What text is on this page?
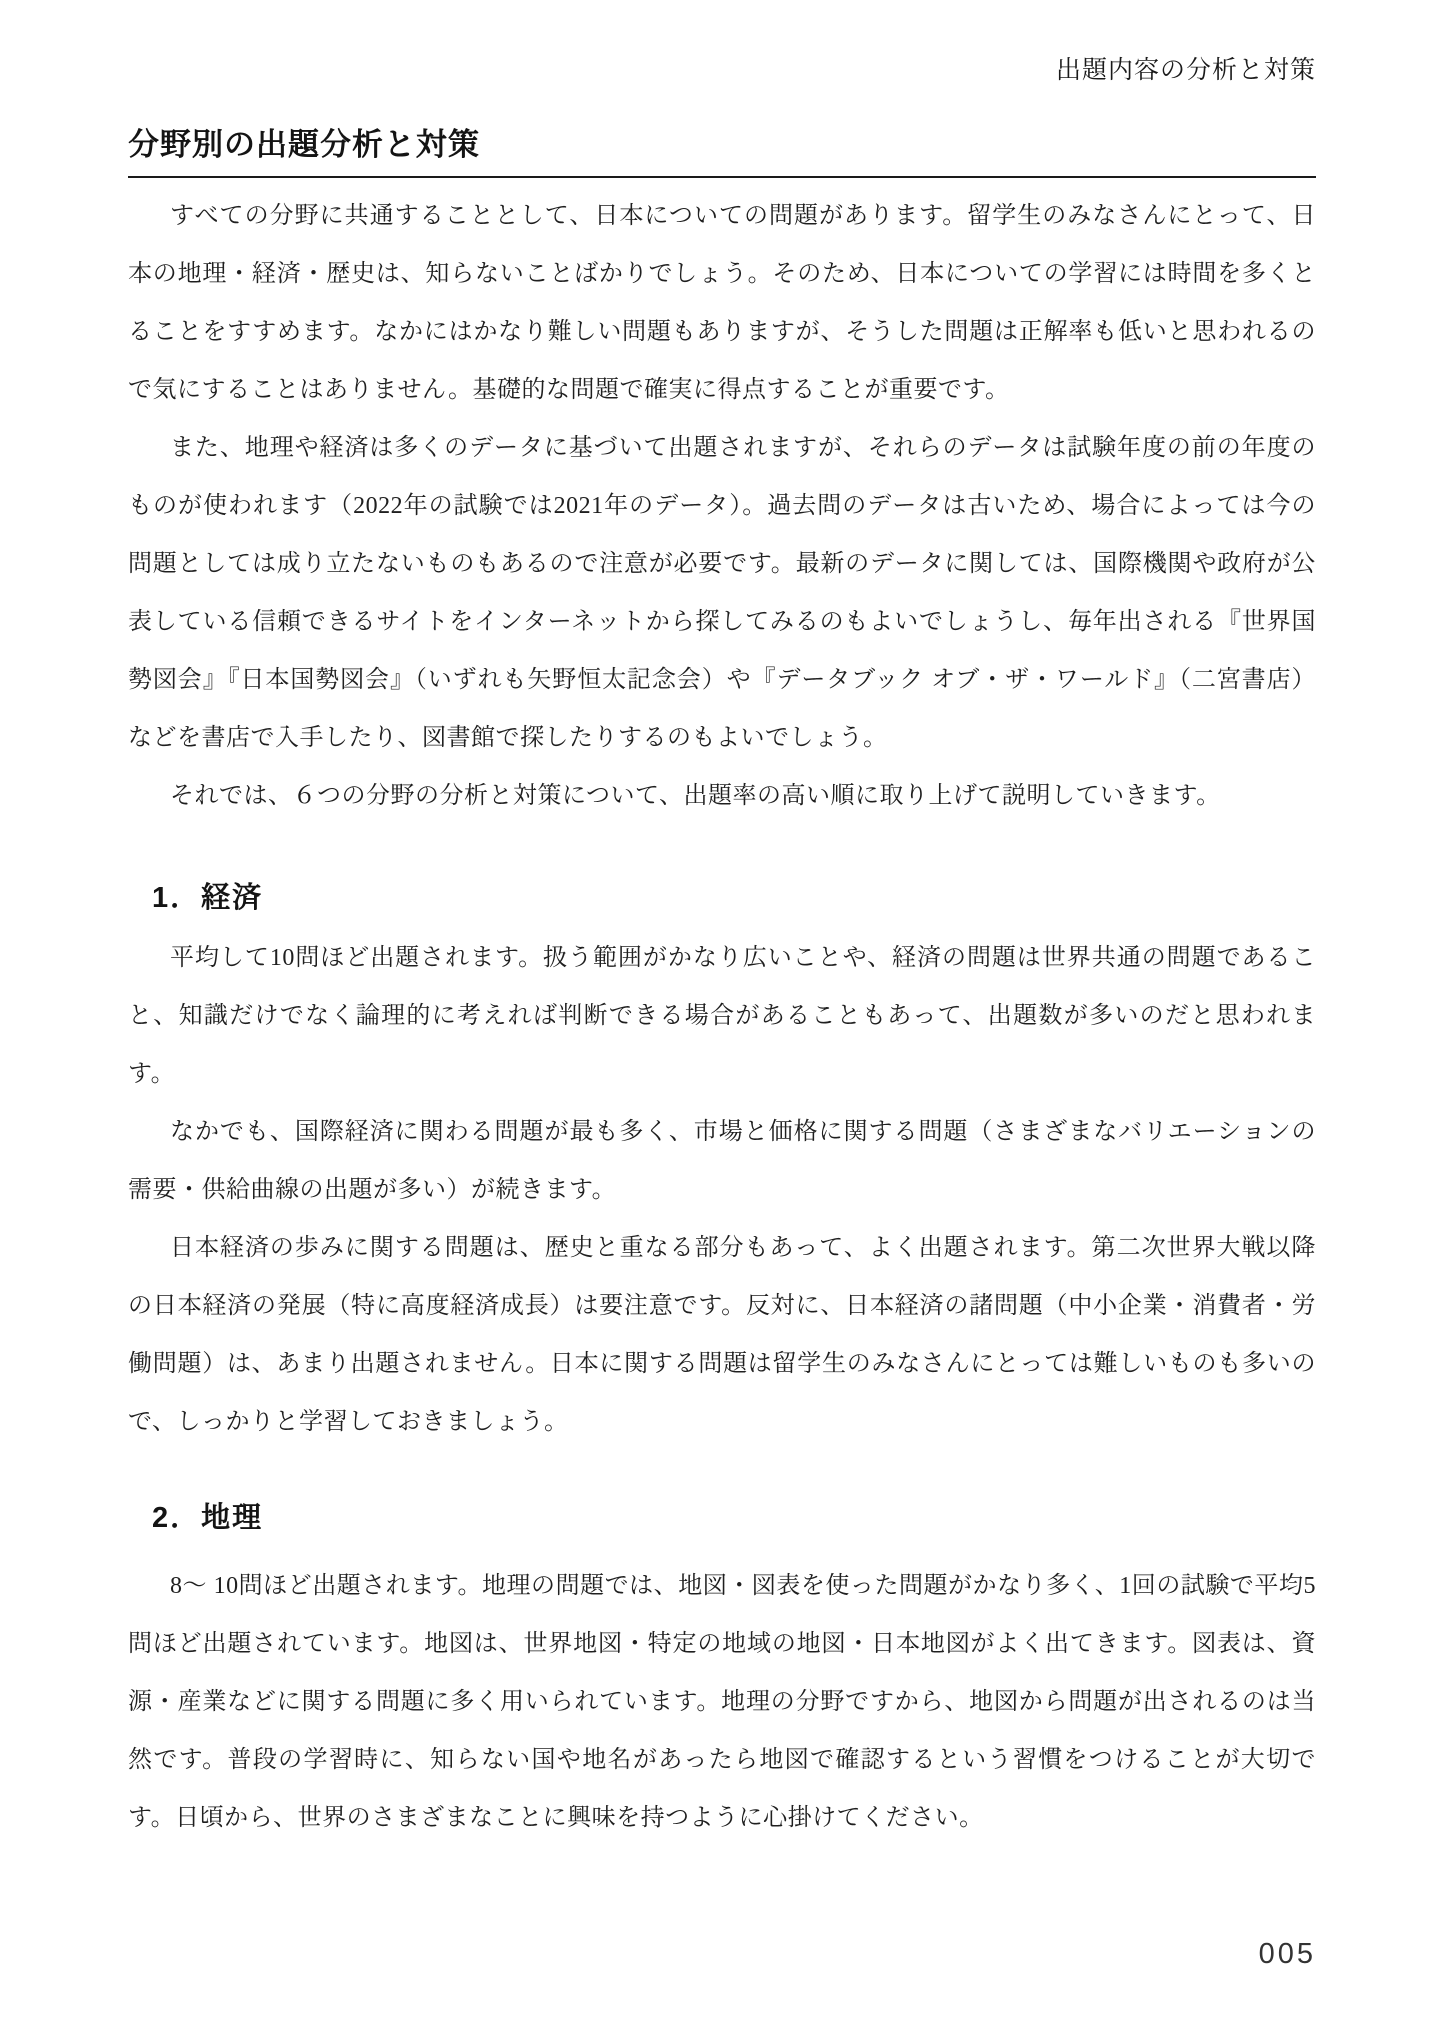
出題内容の分析と対策
分野別の出題分析と対策

すべての分野に共通することとして、日本についての問題があります。留学生のみなさんにとって、日本の地理・経済・歴史は、知らないことばかりでしょう。そのため、日本についての学習には時間を多くとることをすすめます。なかにはかなり難しい問題もありますが、そうした問題は正解率も低いと思われるので気にすることはありません。基礎的な問題で確実に得点することが重要です。

また、地理や経済は多くのデータに基づいて出題されますが、それらのデータは試験年度の前の年度のものが使われます（2022年の試験では2021年のデータ）。過去問のデータは古いため、場合によっては今の問題としては成り立たないものもあるので注意が必要です。最新のデータに関しては、国際機関や政府が公表している信頼できるサイトをインターネットから探してみるのもよいでしょうし、毎年出される『世界国勢図会』『日本国勢図会』（いずれも矢野恒太記念会）や『データブック オブ・ザ・ワールド』（二宮書店）などを書店で入手したり、図書館で探したりするのもよいでしょう。

それでは、６つの分野の分析と対策について、出題率の高い順に取り上げて説明していきます。

1．経済

平均して10問ほど出題されます。扱う範囲がかなり広いことや、経済の問題は世界共通の問題であること、知識だけでなく論理的に考えれば判断できる場合があることもあって、出題数が多いのだと思われます。

なかでも、国際経済に関わる問題が最も多く、市場と価格に関する問題（さまざまなバリエーションの需要・供給曲線の出題が多い）が続きます。

日本経済の歩みに関する問題は、歴史と重なる部分もあって、よく出題されます。第二次世界大戦以降の日本経済の発展（特に高度経済成長）は要注意です。反対に、日本経済の諸問題（中小企業・消費者・労働問題）は、あまり出題されません。日本に関する問題は留学生のみなさんにとっては難しいものも多いので、しっかりと学習しておきましょう。

2．地理

8～ 10問ほど出題されます。地理の問題では、地図・図表を使った問題がかなり多く、1回の試験で平均5問ほど出題されています。地図は、世界地図・特定の地域の地図・日本地図がよく出てきます。図表は、資源・産業などに関する問題に多く用いられています。地理の分野ですから、地図から問題が出されるのは当然です。普段の学習時に、知らない国や地名があったら地図で確認するという習慣をつけることが大切です。日頃から、世界のさまざまなことに興味を持つように心掛けてください。

005
